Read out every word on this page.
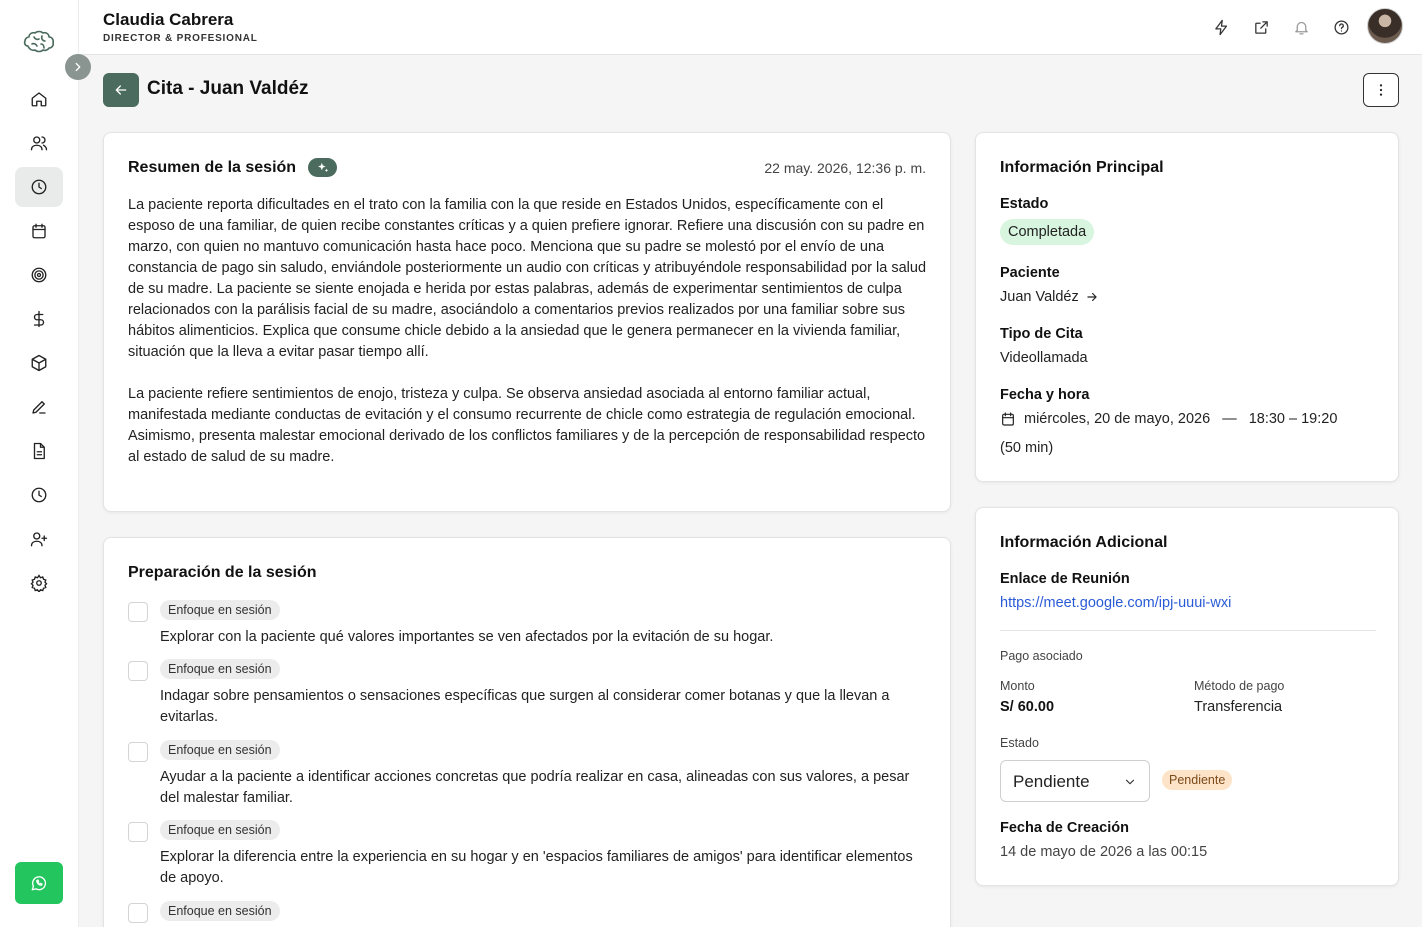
Claudia Cabrera
DIRECTOR & PROFESIONAL
Cita - Juan Valdéz
Resumen de la sesión	22 may. 2026, 12:36 p. m.

La paciente reporta dificultades en el trato con la familia con la que reside en Estados Unidos, específicamente con el esposo de una familiar, de quien recibe constantes críticas y a quien prefiere ignorar. Refiere una discusión con su padre en marzo, con quien no mantuvo comunicación hasta hace poco. Menciona que su padre se molestó por el envío de una constancia de pago sin saludo, enviándole posteriormente un audio con críticas y atribuyéndole responsabilidad por la salud de su madre. La paciente se siente enojada e herida por estas palabras, además de experimentar sentimientos de culpa relacionados con la parálisis facial de su madre, asociándolo a comentarios previos realizados por una familiar sobre sus hábitos alimenticios. Explica que consume chicle debido a la ansiedad que le genera permanecer en la vivienda familiar, situación que la lleva a evitar pasar tiempo allí.

La paciente refiere sentimientos de enojo, tristeza y culpa. Se observa ansiedad asociada al entorno familiar actual, manifestada mediante conductas de evitación y el consumo recurrente de chicle como estrategia de regulación emocional. Asimismo, presenta malestar emocional derivado de los conflictos familiares y de la percepción de responsabilidad respecto al estado de salud de su madre.

Preparación de la sesión
Enfoque en sesión
Explorar con la paciente qué valores importantes se ven afectados por la evitación de su hogar.
Enfoque en sesión
Indagar sobre pensamientos o sensaciones específicas que surgen al considerar comer botanas y que la llevan a evitarlas.
Enfoque en sesión
Ayudar a la paciente a identificar acciones concretas que podría realizar en casa, alineadas con sus valores, a pesar del malestar familiar.
Enfoque en sesión
Explorar la diferencia entre la experiencia en su hogar y en 'espacios familiares de amigos' para identificar elementos de apoyo.
Enfoque en sesión
Información Principal
Estado
Completada
Paciente
Juan Valdéz
Tipo de Cita
Videollamada
Fecha y hora
miércoles, 20 de mayo, 2026 — 18:30 – 19:20
(50 min)
Información Adicional
Enlace de Reunión
https://meet.google.com/ipj-uuui-wxi
Pago asociado
Monto
S/ 60.00
Método de pago
Transferencia
Estado
Pendiente	Pendiente
Fecha de Creación
14 de mayo de 2026 a las 00:15
